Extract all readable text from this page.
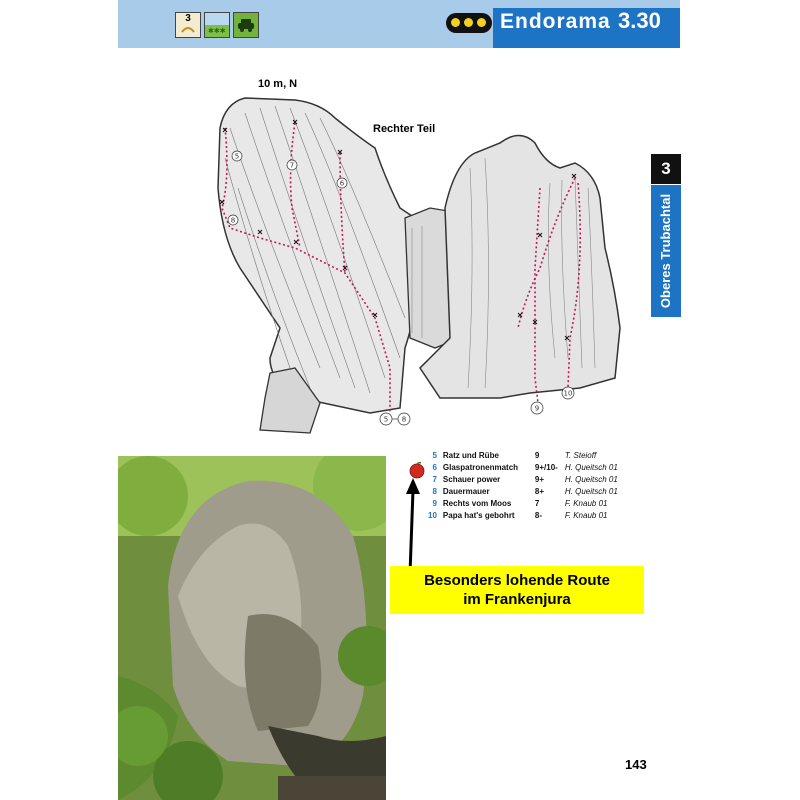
3
✱✱✱	Endorama 3.30
3
Oberes Trubachtal
5
7
6
9
8
10
5 8
10 m, N
Rechter Teil
5	Ratz und Rübe	9	T. Steioff
6	Glaspatronenmatch	9+/10-	H. Queitsch 01
7	Schauer power	9+	H. Queitsch 01
8	Dauermauer	8+	H. Queitsch 01
9	Rechts vom Moos	7	F. Knaub 01
10	Papa hat's gebohrt	8-	F. Knaub 01
Besonders lohende Route
im Frankenjura
143
